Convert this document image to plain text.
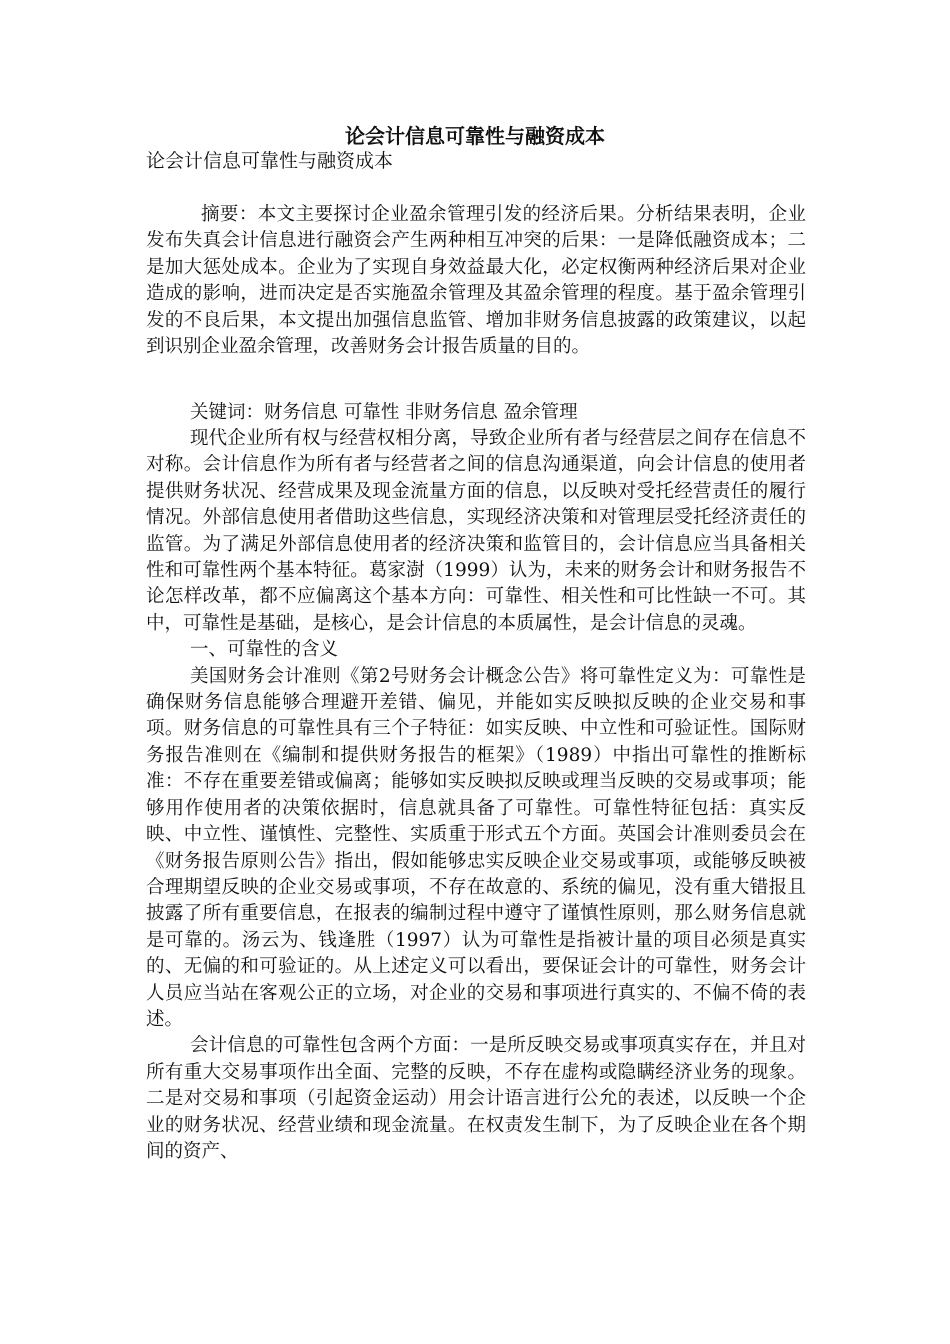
论会计信息可靠性与融资成本
论会计信息可靠性与融资成本

摘要：本文主要探讨企业盈余管理引发的经济后果。分析结果表明，企业发布失真会计信息进行融资会产生两种相互冲突的后果：一是降低融资成本；二是加大惩处成本。企业为了实现自身效益最大化，必定权衡两种经济后果对企业造成的影响，进而决定是否实施盈余管理及其盈余管理的程度。基于盈余管理引发的不良后果，本文提出加强信息监管、增加非财务信息披露的政策建议，以起到识别企业盈余管理，改善财务会计报告质量的目的。

关键词：财务信息 可靠性 非财务信息 盈余管理

现代企业所有权与经营权相分离，导致企业所有者与经营层之间存在信息不对称。会计信息作为所有者与经营者之间的信息沟通渠道，向会计信息的使用者提供财务状况、经营成果及现金流量方面的信息，以反映对受托经营责任的履行情况。外部信息使用者借助这些信息，实现经济决策和对管理层受托经济责任的监管。为了满足外部信息使用者的经济决策和监管目的，会计信息应当具备相关性和可靠性两个基本特征。葛家澍（1999）认为，未来的财务会计和财务报告不论怎样改革，都不应偏离这个基本方向：可靠性、相关性和可比性缺一不可。其中，可靠性是基础，是核心，是会计信息的本质属性，是会计信息的灵魂。

一、可靠性的含义

美国财务会计准则《第2号财务会计概念公告》将可靠性定义为：可靠性是确保财务信息能够合理避开差错、偏见，并能如实反映拟反映的企业交易和事项。财务信息的可靠性具有三个子特征：如实反映、中立性和可验证性。国际财务报告准则在《编制和提供财务报告的框架》（1989）中指出可靠性的推断标准：不存在重要差错或偏离；能够如实反映拟反映或理当反映的交易或事项；能够用作使用者的决策依据时，信息就具备了可靠性。可靠性特征包括：真实反映、中立性、谨慎性、完整性、实质重于形式五个方面。英国会计准则委员会在《财务报告原则公告》指出，假如能够忠实反映企业交易或事项，或能够反映被合理期望反映的企业交易或事项，不存在故意的、系统的偏见，没有重大错报且披露了所有重要信息，在报表的编制过程中遵守了谨慎性原则，那么财务信息就是可靠的。汤云为、钱逢胜（1997）认为可靠性是指被计量的项目必须是真实的、无偏的和可验证的。从上述定义可以看出，要保证会计的可靠性，财务会计人员应当站在客观公正的立场，对企业的交易和事项进行真实的、不偏不倚的表述。

会计信息的可靠性包含两个方面：一是所反映交易或事项真实存在，并且对所有重大交易事项作出全面、完整的反映，不存在虚构或隐瞒经济业务的现象。二是对交易和事项（引起资金运动）用会计语言进行公允的表述，以反映一个企业的财务状况、经营业绩和现金流量。在权责发生制下，为了反映企业在各个期间的资产、
